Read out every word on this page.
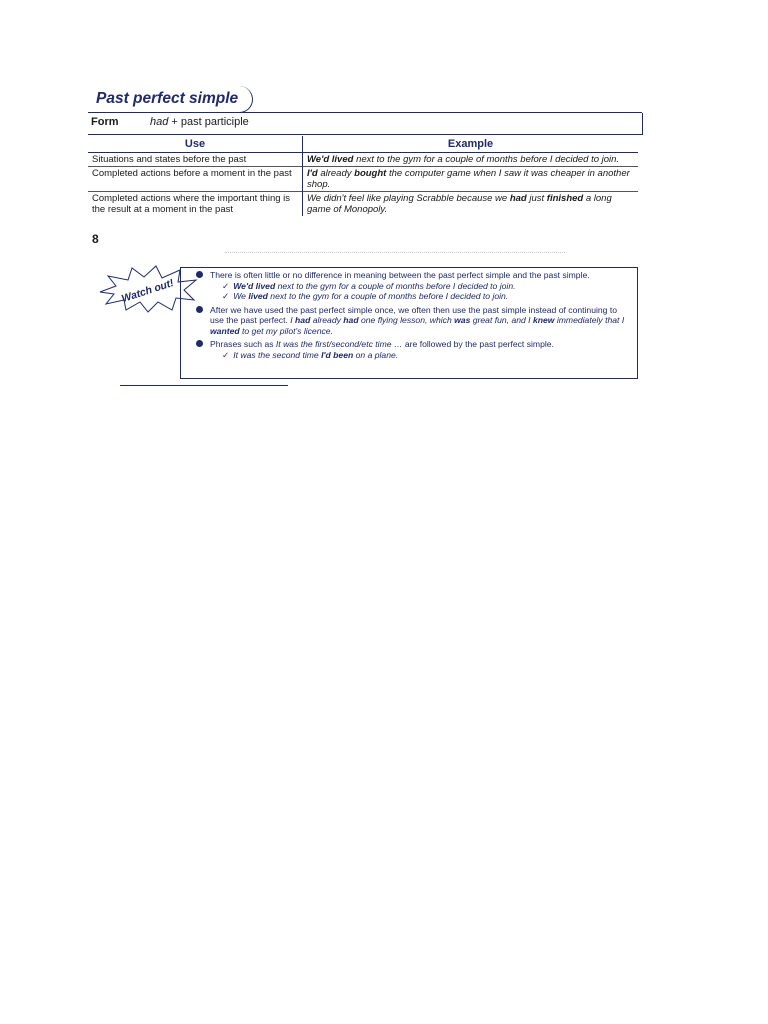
Past perfect simple
Form	had + past participle
Use	Example
Situations and states before the past	We'd lived next to the gym for a couple of months before I decided to join.
Completed actions before a moment in the past	I'd already bought the computer game when I saw it was cheaper in another shop.
Completed actions where the important thing is the result at a moment in the past	We didn't feel like playing Scrabble because we had just finished a long game of Monopoly.
8
Watch out!
There is often little or no difference in meaning between the past perfect simple and the past simple.
✓ We'd lived next to the gym for a couple of months before I decided to join.
✓ We lived next to the gym for a couple of months before I decided to join.
After we have used the past perfect simple once, we often then use the past simple instead of continuing to use the past perfect. I had already had one flying lesson, which was great fun, and I knew immediately that I wanted to get my pilot's licence.
Phrases such as It was the first/second/etc time … are followed by the past perfect simple.
✓ It was the second time I'd been on a plane.
